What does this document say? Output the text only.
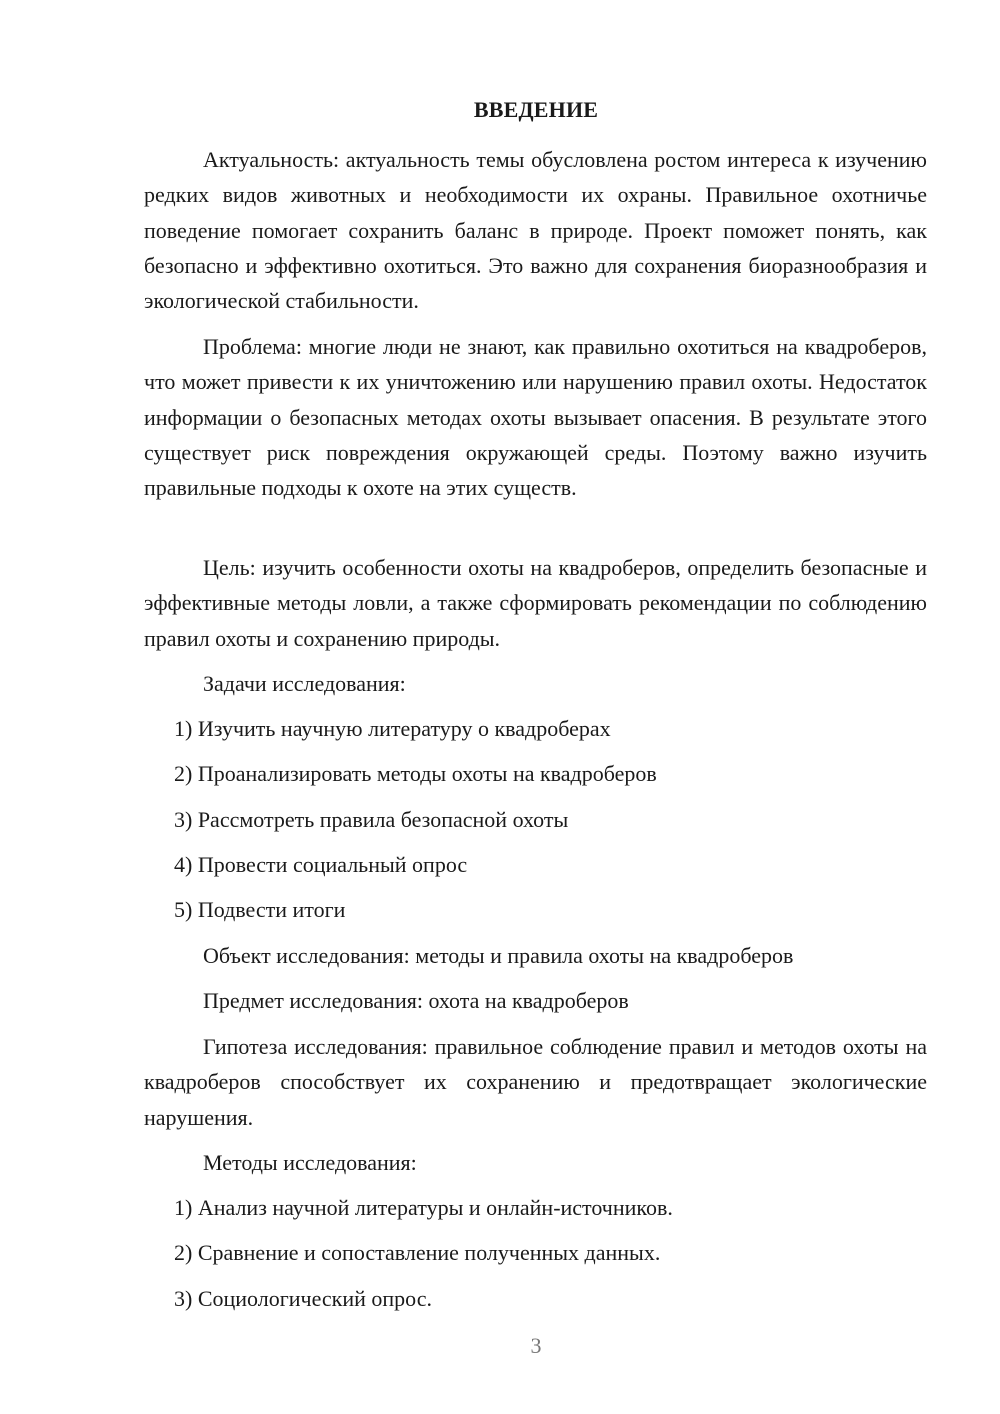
ВВЕДЕНИЕ

Актуальность: актуальность темы обусловлена ростом интереса к изучению редких видов животных и необходимости их охраны. Правильное охотничье поведение помогает сохранить баланс в природе. Проект поможет понять, как безопасно и эффективно охотиться. Это важно для сохранения биоразнообразия и экологической стабильности.

Проблема: многие люди не знают, как правильно охотиться на квадроберов, что может привести к их уничтожению или нарушению правил охоты. Недостаток информации о безопасных методах охоты вызывает опасения. В результате этого существует риск повреждения окружающей среды. Поэтому важно изучить правильные подходы к охоте на этих существ.

Цель: изучить особенности охоты на квадроберов, определить безопасные и эффективные методы ловли, а также сформировать рекомендации по соблюдению правил охоты и сохранению природы.

Задачи исследования:

1) Изучить научную литературу о квадроберах

2) Проанализировать методы охоты на квадроберов

3) Рассмотреть правила безопасной охоты

4) Провести социальный опрос

5) Подвести итоги

Объект исследования: методы и правила охоты на квадроберов

Предмет исследования: охота на квадроберов

Гипотеза исследования: правильное соблюдение правил и методов охоты на квадроберов способствует их сохранению и предотвращает экологические нарушения.

Методы исследования:

1) Анализ научной литературы и онлайн-источников.

2) Сравнение и сопоставление полученных данных.

3) Социологический опрос.

3
